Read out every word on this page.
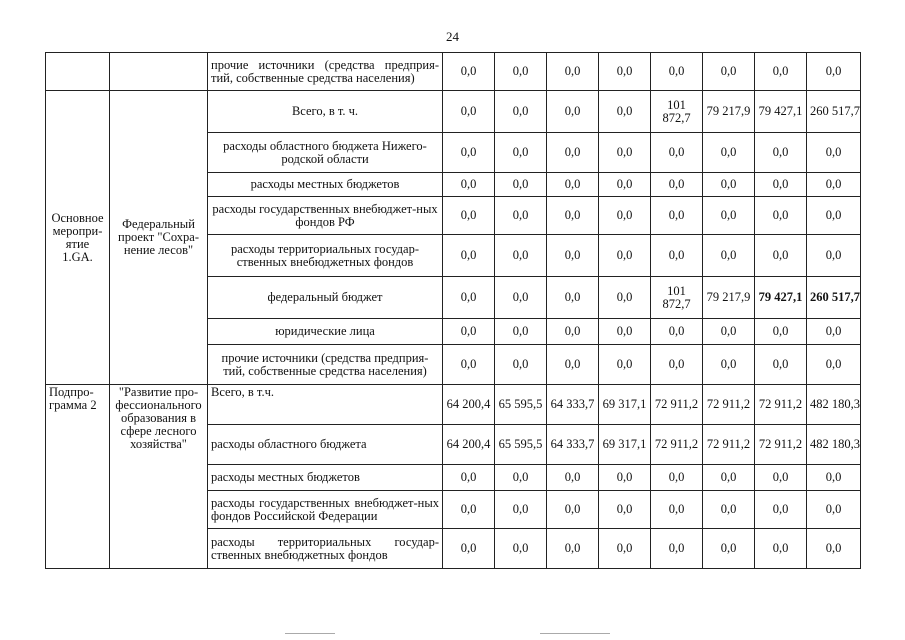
24
		прочие источники (средства предприя-тий, собственные средства населения)	0,0	0,0	0,0	0,0	0,0	0,0	0,0	0,0
Основное меропри-ятие 1.GA.	Федеральный проект "Сохра-нение лесов"	Всего, в т. ч.	0,0	0,0	0,0	0,0	101 872,7	79 217,9	79 427,1	260 517,7
		расходы областного бюджета Нижего-родской области	0,0	0,0	0,0	0,0	0,0	0,0	0,0	0,0
		расходы местных бюджетов	0,0	0,0	0,0	0,0	0,0	0,0	0,0	0,0
		расходы государственных внебюджет-ных фондов РФ	0,0	0,0	0,0	0,0	0,0	0,0	0,0	0,0
		расходы территориальных государ-ственных внебюджетных фондов	0,0	0,0	0,0	0,0	0,0	0,0	0,0	0,0
		федеральный бюджет	0,0	0,0	0,0	0,0	101 872,7	79 217,9	79 427,1	260 517,7
		юридические лица	0,0	0,0	0,0	0,0	0,0	0,0	0,0	0,0
		прочие источники (средства предприя-тий, собственные средства населения)	0,0	0,0	0,0	0,0	0,0	0,0	0,0	0,0
Подпро-грамма 2	"Развитие про-фессионального образования в сфере лесного хозяйства"	Всего, в т.ч.	64 200,4	65 595,5	64 333,7	69 317,1	72 911,2	72 911,2	72 911,2	482 180,3
		расходы областного бюджета	64 200,4	65 595,5	64 333,7	69 317,1	72 911,2	72 911,2	72 911,2	482 180,3
		расходы местных бюджетов	0,0	0,0	0,0	0,0	0,0	0,0	0,0	0,0
		расходы государственных внебюджет-ных фондов Российской Федерации	0,0	0,0	0,0	0,0	0,0	0,0	0,0	0,0
		расходы территориальных государ-ственных внебюджетных фондов	0,0	0,0	0,0	0,0	0,0	0,0	0,0	0,0
